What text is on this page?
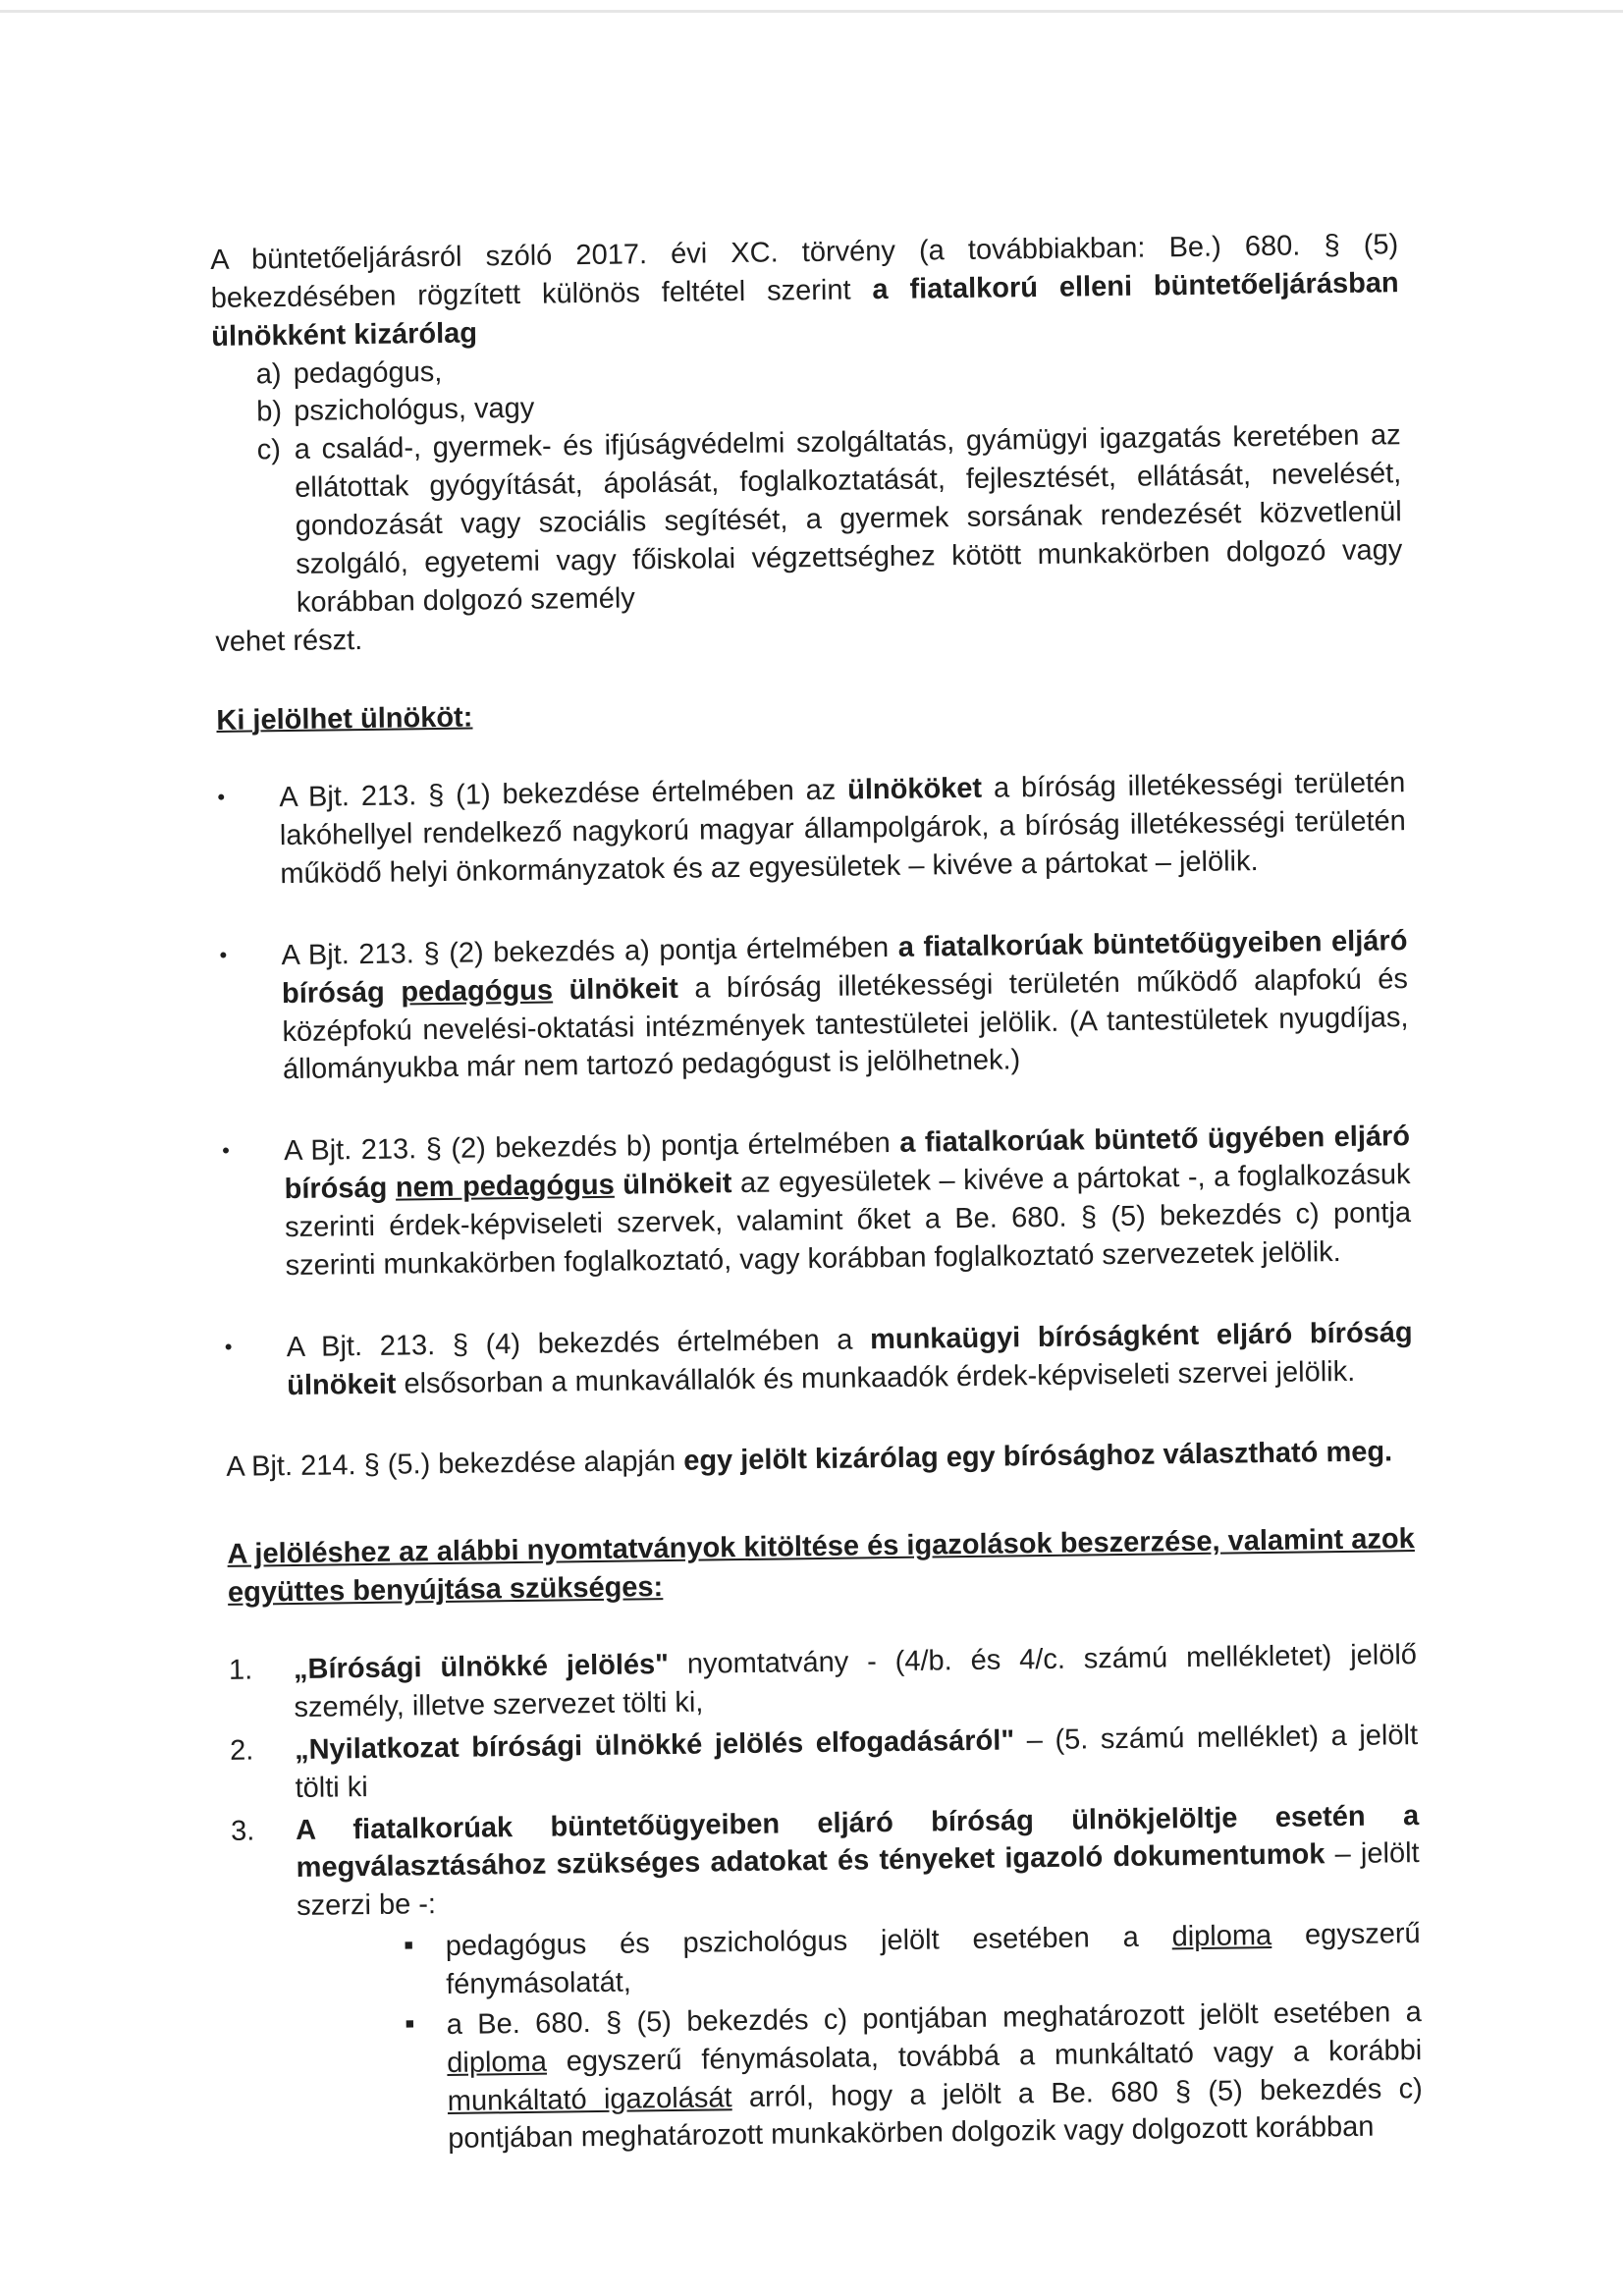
A büntetőeljárásról szóló 2017. évi XC. törvény (a továbbiakban: Be.) 680. § (5) bekezdésében rögzített különös feltétel szerint a fiatalkorú elleni büntetőeljárásban ülnökként kizárólag

a) pedagógus,
b) pszichológus, vagy
c) a család-, gyermek- és ifjúságvédelmi szolgáltatás, gyámügyi igazgatás keretében az ellátottak gyógyítását, ápolását, foglalkoztatását, fejlesztését, ellátását, nevelését, gondozását vagy szociális segítését, a gyermek sorsának rendezését közvetlenül szolgáló, egyetemi vagy főiskolai végzettséghez kötött munkakörben dolgozó vagy korábban dolgozó személy

vehet részt.

Ki jelölhet ülnököt:

•	A Bjt. 213. § (1) bekezdése értelmében az ülnököket a bíróság illetékességi területén lakóhellyel rendelkező nagykorú magyar állampolgárok, a bíróság illetékességi területén működő helyi önkormányzatok és az egyesületek – kivéve a pártokat – jelölik.
•	A Bjt. 213. § (2) bekezdés a) pontja értelmében a fiatalkorúak büntetőügyeiben eljáró bíróság pedagógus ülnökeit a bíróság illetékességi területén működő alapfokú és középfokú nevelési-oktatási intézmények tantestületei jelölik. (A tantestületek nyugdíjas, állományukba már nem tartozó pedagógust is jelölhetnek.)
•	A Bjt. 213. § (2) bekezdés b) pontja értelmében a fiatalkorúak büntető ügyében eljáró bíróság nem pedagógus ülnökeit az egyesületek – kivéve a pártokat -, a foglalkozásuk szerinti érdek-képviseleti szervek, valamint őket a Be. 680. § (5) bekezdés c) pontja szerinti munkakörben foglalkoztató, vagy korábban foglalkoztató szervezetek jelölik.
•	A Bjt. 213. § (4) bekezdés értelmében a munkaügyi bíróságként eljáró bíróság ülnökeit elsősorban a munkavállalók és munkaadók érdek-képviseleti szervei jelölik.

A Bjt. 214. § (5.) bekezdése alapján egy jelölt kizárólag egy bírósághoz választható meg.

A jelöléshez az alábbi nyomtatványok kitöltése és igazolások beszerzése, valamint azok együttes benyújtása szükséges:

1.	„Bírósági ülnökké jelölés" nyomtatvány - (4/b. és 4/c. számú mellékletet) jelölő személy, illetve szervezet tölti ki,
2.	„Nyilatkozat bírósági ülnökké jelölés elfogadásáról" – (5. számú melléklet) a jelölt tölti ki
3.	A fiatalkorúak büntetőügyeiben eljáró bíróság ülnökjelöltje esetén a megválasztásához szükséges adatokat és tényeket igazoló dokumentumok – jelölt szerzi be -:
■	pedagógus és pszichológus jelölt esetében a diploma egyszerű fénymásolatát,
■	a Be. 680. § (5) bekezdés c) pontjában meghatározott jelölt esetében a diploma egyszerű fénymásolata, továbbá a munkáltató vagy a korábbi munkáltató igazolását arról, hogy a jelölt a Be. 680 § (5) bekezdés c) pontjában meghatározott munkakörben dolgozik vagy dolgozott korábban
